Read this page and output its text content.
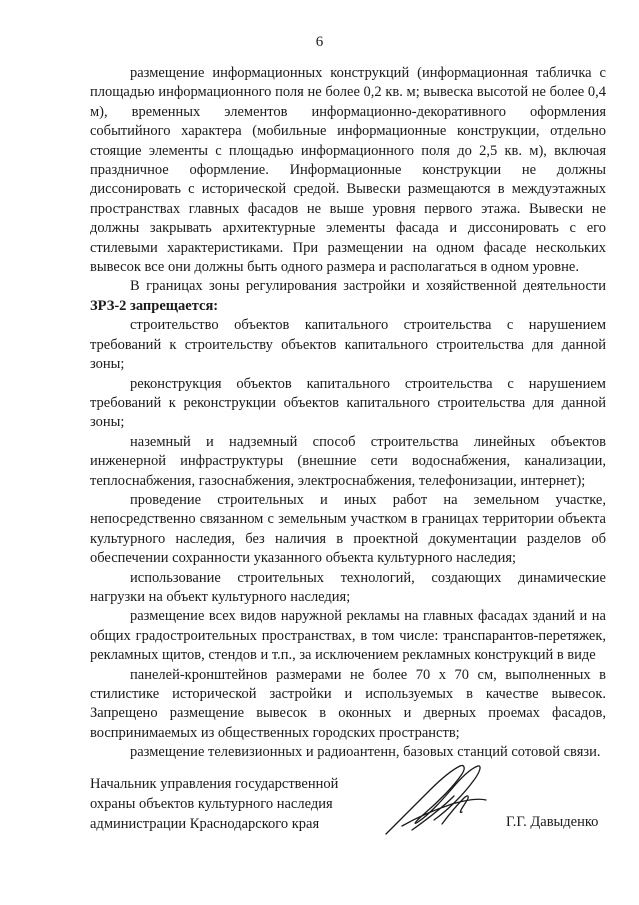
6

размещение информационных конструкций (информационная табличка с площадью информационного поля не более 0,2 кв. м; вывеска высотой не более 0,4 м), временных элементов информационно-декоративного оформления событийного характера (мобильные информационные конструкции, отдельно стоящие элементы с площадью информационного поля до 2,5 кв. м), включая праздничное оформление. Информационные конструкции не должны диссонировать с исторической средой. Вывески размещаются в междуэтажных пространствах главных фасадов не выше уровня первого этажа. Вывески не должны закрывать архитектурные элементы фасада и диссонировать с его стилевыми характеристиками. При размещении на одном фасаде нескольких вывесок все они должны быть одного размера и располагаться в одном уровне.

В границах зоны регулирования застройки и хозяйственной деятельности ЗРЗ-2 запрещается:

строительство объектов капитального строительства с нарушением требований к строительству объектов капитального строительства для данной зоны;

реконструкция объектов капитального строительства с нарушением требований к реконструкции объектов капитального строительства для данной зоны;

наземный и надземный способ строительства линейных объектов инженерной инфраструктуры (внешние сети водоснабжения, канализации, теплоснабжения, газоснабжения, электроснабжения, телефонизации, интернет);

проведение строительных и иных работ на земельном участке, непосредственно связанном с земельным участком в границах территории объекта культурного наследия, без наличия в проектной документации разделов об обеспечении сохранности указанного объекта культурного наследия;

использование строительных технологий, создающих динамические нагрузки на объект культурного наследия;

размещение всех видов наружной рекламы на главных фасадах зданий и на общих градостроительных пространствах, в том числе: транспарантов-перетяжек, рекламных щитов, стендов и т.п., за исключением рекламных конструкций в виде

панелей-кронштейнов размерами не более 70 х 70 см, выполненных в стилистике исторической застройки и используемых в качестве вывесок. Запрещено размещение вывесок в оконных и дверных проемах фасадов, воспринимаемых из общественных городских пространств;

размещение телевизионных и радиоантенн, базовых станций сотовой связи.

Начальник управления государственной
охраны объектов культурного наследия
администрации Краснодарского края	Г.Г. Давыденко
